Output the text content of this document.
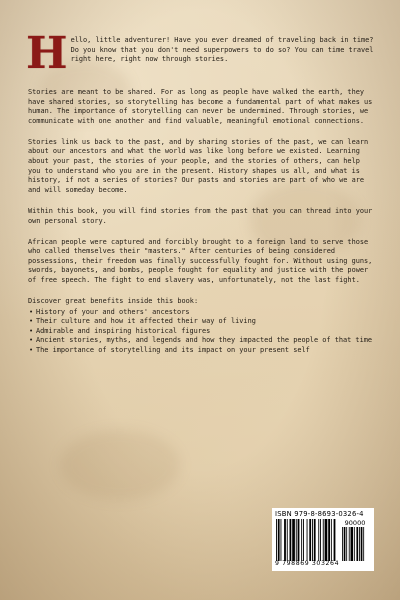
H ello, little adventurer! Have you ever dreamed of traveling back in time? Do you know that you don't need superpowers to do so? You can time travel right here, right now through stories.

Stories are meant to be shared. For as long as people have walked the earth, they have shared stories, so storytelling has become a fundamental part of what makes us human. The importance of storytelling can never be undermined. Through stories, we communicate with one another and find valuable, meaningful emotional connections.

Stories link us back to the past, and by sharing stories of the past, we can learn about our ancestors and what the world was like long before we existed. Learning about your past, the stories of your people, and the stories of others, can help you to understand who you are in the present. History shapes us all, and what is history, if not a series of stories? Our pasts and stories are part of who we are and will someday become.

Within this book, you will find stories from the past that you can thread into your own personal story.

African people were captured and forcibly brought to a foreign land to serve those who called themselves their "masters." After centuries of being considered possessions, their freedom was finally successfully fought for. Without using guns, swords, bayonets, and bombs, people fought for equality and justice with the power of free speech. The fight to end slavery was, unfortunately, not the last fight.

Discover great benefits inside this book:
• History of your and others' ancestors
• Their culture and how it affected their way of living
• Admirable and inspiring historical figures
• Ancient stories, myths, and legends and how they impacted the people of that time
• The importance of storytelling and its impact on your present self
ISBN 979-8-8693-0326-4
90000
9 798869 303264
